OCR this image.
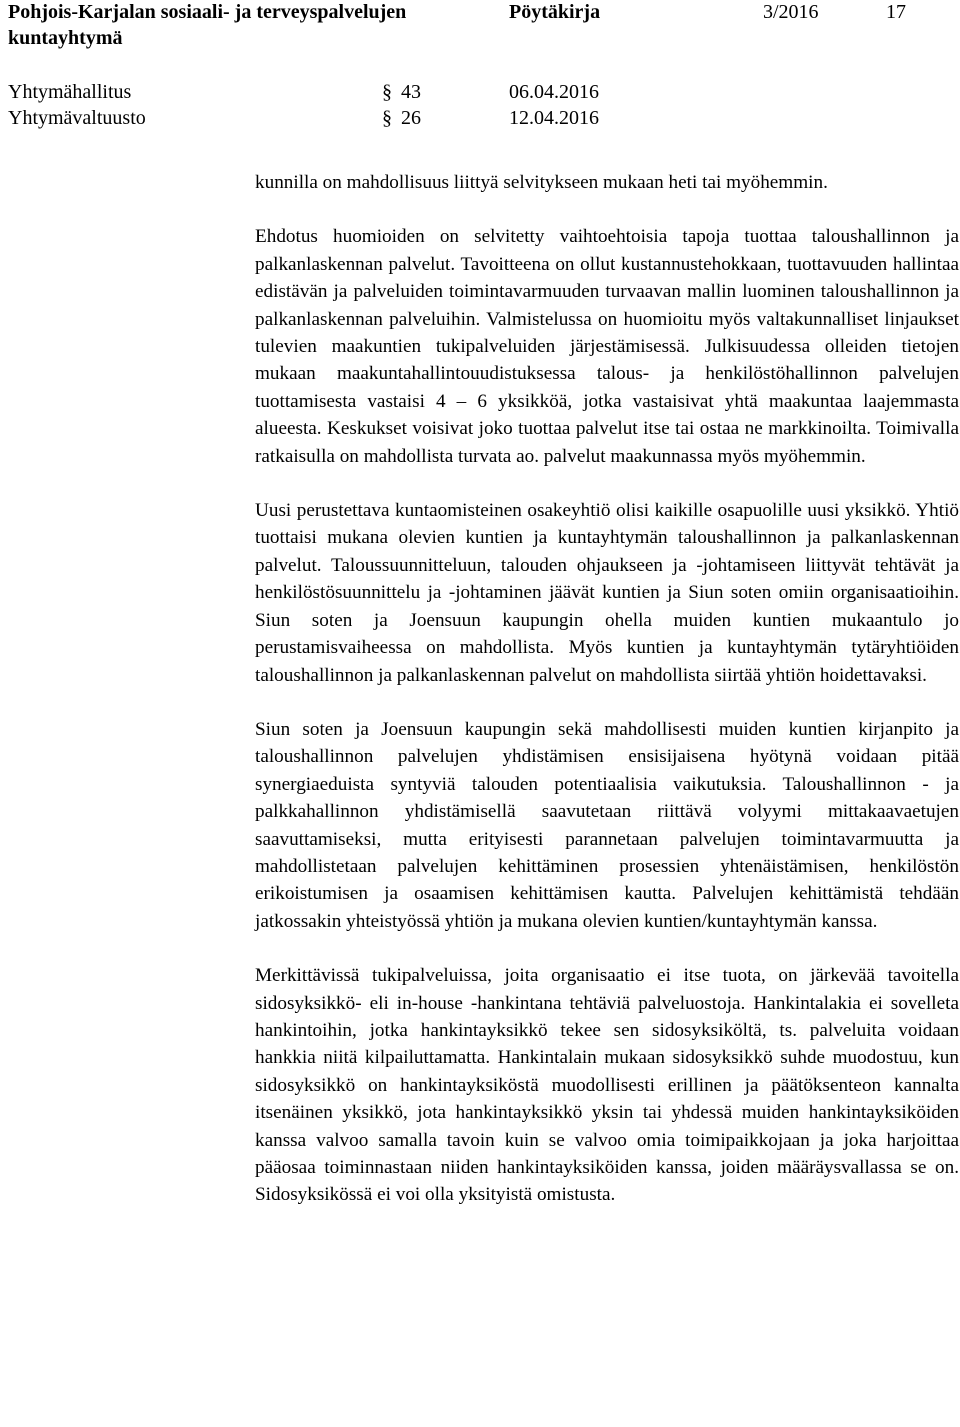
Pohjois-Karjalan sosiaali- ja terveyspalvelujen kuntayhtymä
Pöytäkirja	3/2016	17
Yhtymähallitus	§ 43	06.04.2016
Yhtymävaltuusto	§ 26	12.04.2016

kunnilla on mahdollisuus liittyä selvitykseen mukaan heti tai myöhemmin.

Ehdotus huomioiden on selvitetty vaihtoehtoisia tapoja tuottaa taloushallinnon ja palkanlaskennan palvelut. Tavoitteena on ollut kustannustehokkaan, tuottavuuden hallintaa edistävän ja palveluiden toimintavarmuuden turvaavan mallin luominen taloushallinnon ja palkanlaskennan palveluihin. Valmistelussa on huomioitu myös valtakunnalliset linjaukset tulevien maakuntien tukipalveluiden järjestämisessä. Julkisuudessa olleiden tietojen mukaan maakuntahallintouudistuksessa talous- ja henkilöstöhallinnon palvelujen tuottamisesta vastaisi 4 – 6 yksikköä, jotka vastaisivat yhtä maakuntaa laajemmasta alueesta. Keskukset voisivat joko tuottaa palvelut itse tai ostaa ne markkinoilta. Toimivalla ratkaisulla on mahdollista turvata ao. palvelut maakunnassa myös myöhemmin.

Uusi perustettava kuntaomisteinen osakeyhtiö olisi kaikille osapuolille uusi yksikkö. Yhtiö tuottaisi mukana olevien kuntien ja kuntayhtymän taloushallinnon ja palkanlaskennan palvelut. Taloussuunnitteluun, talouden ohjaukseen ja -johtamiseen liittyvät tehtävät ja henkilöstösuunnittelu ja -johtaminen jäävät kuntien ja Siun soten omiin organisaatioihin. Siun soten ja Joensuun kaupungin ohella muiden kuntien mukaantulo jo perustamisvaiheessa on mahdollista. Myös kuntien ja kuntayhtymän tytäryhtiöiden taloushallinnon ja palkanlaskennan palvelut on mahdollista siirtää yhtiön hoidettavaksi.

Siun soten ja Joensuun kaupungin sekä mahdollisesti muiden kuntien kirjanpito ja taloushallinnon palvelujen yhdistämisen ensisijaisena hyötynä voidaan pitää synergiaeduista syntyviä talouden potentiaalisia vaikutuksia. Taloushallinnon - ja palkkahallinnon yhdistämisellä saavutetaan riittävä volyymi mittakaavaetujen saavuttamiseksi, mutta erityisesti parannetaan palvelujen toimintavarmuutta ja mahdollistetaan palvelujen kehittäminen prosessien yhtenäistämisen, henkilöstön erikoistumisen ja osaamisen kehittämisen kautta. Palvelujen kehittämistä tehdään jatkossakin yhteistyössä yhtiön ja mukana olevien kuntien/kuntayhtymän kanssa.

Merkittävissä tukipalveluissa, joita organisaatio ei itse tuota, on järkevää tavoitella sidosyksikkö- eli in-house -hankintana tehtäviä palveluostoja. Hankintalakia ei sovelleta hankintoihin, jotka hankintayksikkö tekee sen sidosyksiköltä, ts. palveluita voidaan hankkia niitä kilpailuttamatta. Hankintalain mukaan sidosyksikkö suhde muodostuu, kun sidosyksikkö on hankintayksiköstä muodollisesti erillinen ja päätöksenteon kannalta itsenäinen yksikkö, jota hankintayksikkö yksin tai yhdessä muiden hankintayksiköiden kanssa valvoo samalla tavoin kuin se valvoo omia toimipaikkojaan ja joka harjoittaa pääosaa toiminnastaan niiden hankintayksiköiden kanssa, joiden määräysvallassa se on. Sidosyksikössä ei voi olla yksityistä omistusta.
